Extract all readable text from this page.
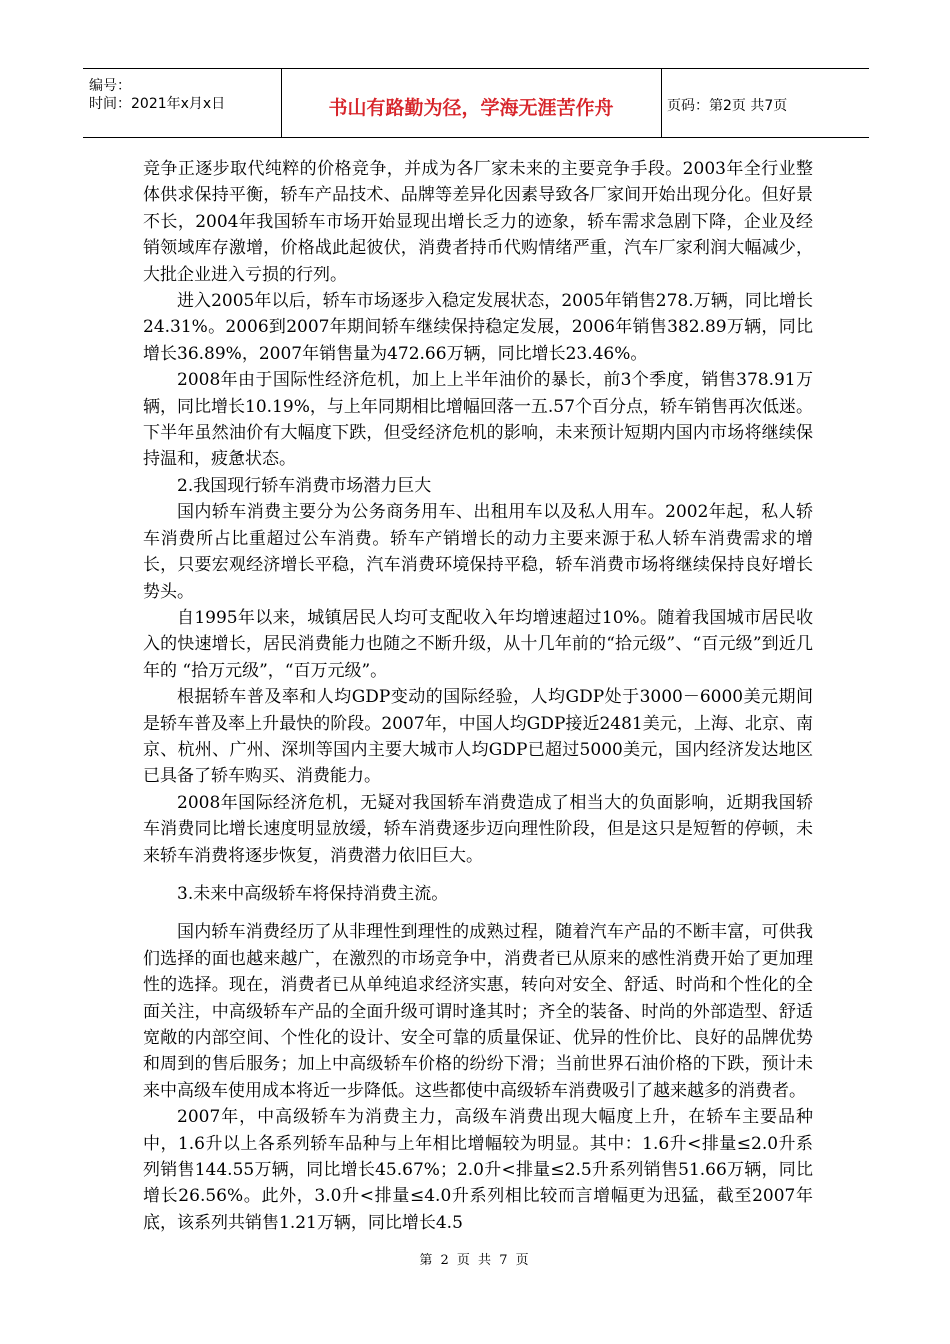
编号：
时间：2021年x月x日	书山有路勤为径，学海无涯苦作舟	页码：第2页 共7页

竞争正逐步取代纯粹的价格竞争，并成为各厂家未来的主要竞争手段。2003年全行业整体供求保持平衡，轿车产品技术、品牌等差异化因素导致各厂家间开始出现分化。但好景不长，2004年我国轿车市场开始显现出增长乏力的迹象，轿车需求急剧下降，企业及经销领域库存激增，价格战此起彼伏，消费者持币代购情绪严重，汽车厂家利润大幅减少，大批企业进入亏损的行列。

进入2005年以后，轿车市场逐步入稳定发展状态，2005年销售278.万辆，同比增长24.31%。2006到2007年期间轿车继续保持稳定发展，2006年销售382.89万辆，同比增长36.89%，2007年销售量为472.66万辆，同比增长23.46%。

2008年由于国际性经济危机，加上上半年油价的暴长，前3个季度，销售378.91万辆，同比增长10.19%，与上年同期相比增幅回落一五.57个百分点，轿车销售再次低迷。下半年虽然油价有大幅度下跌，但受经济危机的影响，未来预计短期内国内市场将继续保持温和，疲惫状态。

2.我国现行轿车消费市场潜力巨大

国内轿车消费主要分为公务商务用车、出租用车以及私人用车。2002年起，私人轿车消费所占比重超过公车消费。轿车产销增长的动力主要来源于私人轿车消费需求的增长，只要宏观经济增长平稳，汽车消费环境保持平稳，轿车消费市场将继续保持良好增长势头。

自1995年以来，城镇居民人均可支配收入年均增速超过10%。随着我国城市居民收入的快速增长，居民消费能力也随之不断升级，从十几年前的“拾元级”、“百元级”到近几年的 “拾万元级”，“百万元级”。

根据轿车普及率和人均GDP变动的国际经验，人均GDP处于3000－6000美元期间是轿车普及率上升最快的阶段。2007年，中国人均GDP接近2481美元，上海、北京、南京、杭州、广州、深圳等国内主要大城市人均GDP已超过5000美元，国内经济发达地区已具备了轿车购买、消费能力。

2008年国际经济危机，无疑对我国轿车消费造成了相当大的负面影响，近期我国轿车消费同比增长速度明显放缓，轿车消费逐步迈向理性阶段，但是这只是短暂的停顿，未来轿车消费将逐步恢复，消费潜力依旧巨大。

3.未来中高级轿车将保持消费主流。

国内轿车消费经历了从非理性到理性的成熟过程，随着汽车产品的不断丰富，可供我们选择的面也越来越广，在激烈的市场竞争中，消费者已从原来的感性消费开始了更加理性的选择。现在，消费者已从单纯追求经济实惠，转向对安全、舒适、时尚和个性化的全面关注，中高级轿车产品的全面升级可谓时逢其时；齐全的装备、时尚的外部造型、舒适宽敞的内部空间、个性化的设计、安全可靠的质量保证、优异的性价比、良好的品牌优势和周到的售后服务；加上中高级轿车价格的纷纷下滑；当前世界石油价格的下跌，预计未来中高级车使用成本将近一步降低。这些都使中高级轿车消费吸引了越来越多的消费者。

2007年，中高级轿车为消费主力，高级车消费出现大幅度上升，在轿车主要品种中，1.6升以上各系列轿车品种与上年相比增幅较为明显。其中：1.6升<排量≤2.0升系列销售144.55万辆，同比增长45.67%；2.0升<排量≤2.5升系列销售51.66万辆，同比增长26.56%。此外，3.0升<排量≤4.0升系列相比较而言增幅更为迅猛，截至2007年底，该系列共销售1.21万辆，同比增长4.5

第 2 页 共 7 页
